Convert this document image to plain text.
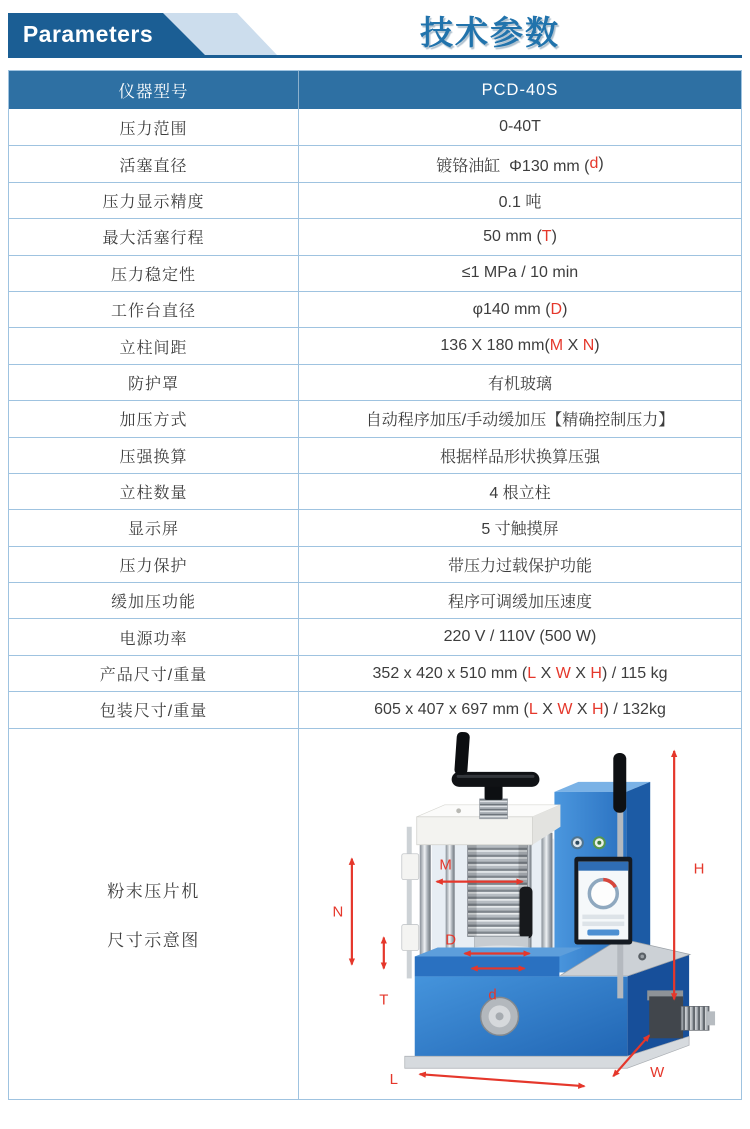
Parameters	技术参数
仪器型号	PCD-40S
压力范围	0-40T
活塞直径	镀铬油缸  Φ130 mm ( d )
压力显示精度	0.1 吨
最大活塞行程	50 mm ( T )
压力稳定性	≤1 MPa / 10 min
工作台直径	φ140 mm ( D )
立柱间距	136 X 180 mm( M X N )
防护罩	有机玻璃
加压方式	自动程序加压/手动缓加压【精确控制压力】
压强换算	根据样品形状换算压强
立柱数量	4 根立柱
显示屏	5 寸触摸屏
压力保护	带压力过载保护功能
缓加压功能	程序可调缓加压速度
电源功率	220 V / 110V (500 W)
产品尺寸/重量	352 x 420 x 510 mm ( L X W X H ) / 115 kg
包装尺寸/重量	605 x 407 x 697 mm ( L X W X H ) / 132kg
粉末压片机
尺寸示意图
M
N
T
D
d
H
L	W
